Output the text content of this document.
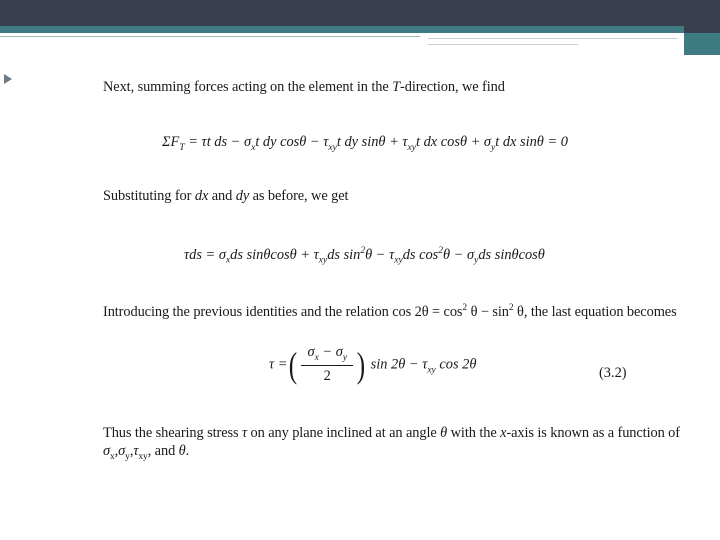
Next, summing forces acting on the element in the T-direction, we find
$\Sigma F_T = \tau t$ ds − $\sigma_xt$ dy $\cos\theta - \tau_{xy}t$ dy $\sin\theta + \tau_{xy}t$ dx $\cos\theta + \sigma_yt$ dx sinθ = 0
Substituting for dx and dy as before, we get
$\tau ds = \sigma_xds$ $\sin\theta\cos\theta + \tau_{xy}ds$ $\sin^2\theta - \tau_{xy}ds$ $\cos^2\theta - \sigma_yds$ sinθcosθ
Introducing the previous identities and the relation $\cos 2\theta = \cos^2 \theta - \sin^2 \theta$, the last equation becomes
τ =( $\frac{\sigma_x - \sigma_y}{2}$ ) $\sin 2\theta - \tau_{xy}$ cos 2θ
(3.2)
Thus the shearing stress τ on any plane inclined at an angle θ with the x-axis is known as a function of
$\sigma_x,\sigma_y,\tau_{xy}$, and θ.
